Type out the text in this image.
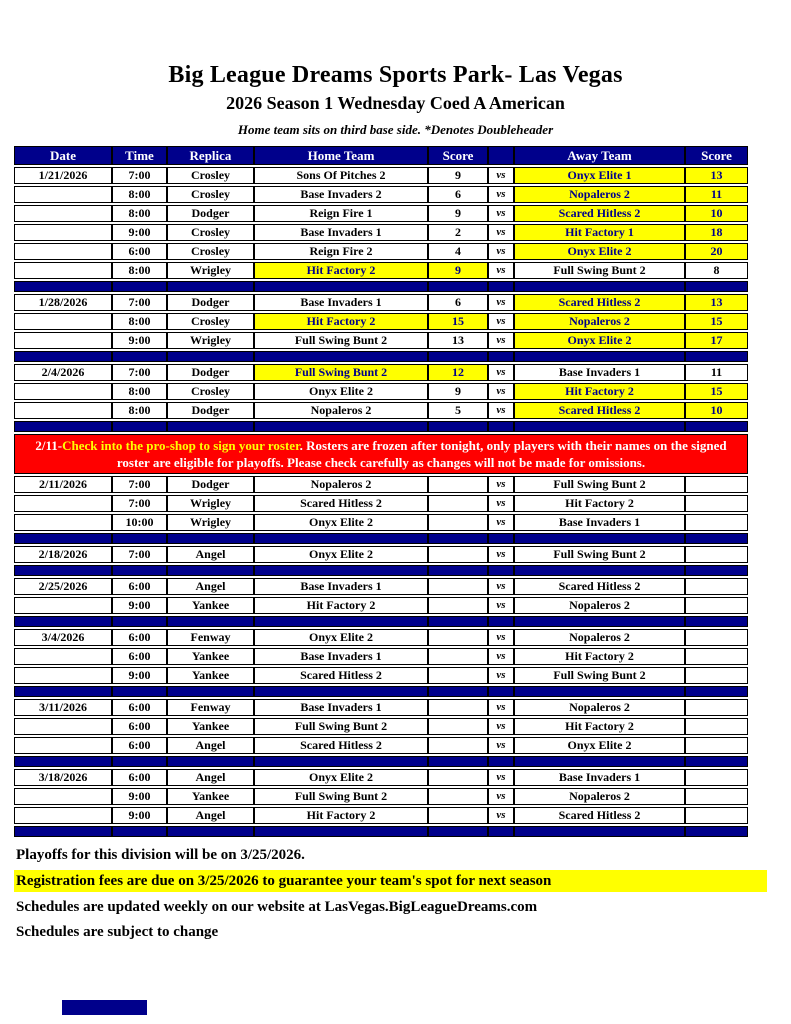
Big League Dreams Sports Park- Las Vegas
2026 Season 1 Wednesday Coed A American

Home team sits on third base side. *Denotes Doubleheader

Date	Time	Replica	Home Team	Score		Away Team	Score
1/21/2026	7:00	Crosley	Sons Of Pitches 2	9	vs	Onyx Elite 1	13
	8:00	Crosley	Base Invaders 2	6	vs	Nopaleros 2	11
	8:00	Dodger	Reign Fire 1	9	vs	Scared Hitless 2	10
	9:00	Crosley	Base Invaders 1	2	vs	Hit Factory 1	18
	6:00	Crosley	Reign Fire 2	4	vs	Onyx Elite 2	20
	8:00	Wrigley	Hit Factory 2	9	vs	Full Swing Bunt 2	8

1/28/2026	7:00	Dodger	Base Invaders 1	6	vs	Scared Hitless 2	13
	8:00	Crosley	Hit Factory 2	15	vs	Nopaleros 2	15
	9:00	Wrigley	Full Swing Bunt 2	13	vs	Onyx Elite 2	17

2/4/2026	7:00	Dodger	Full Swing Bunt 2	12	vs	Base Invaders 1	11
	8:00	Crosley	Onyx Elite 2	9	vs	Hit Factory 2	15
	8:00	Dodger	Nopaleros 2	5	vs	Scared Hitless 2	10

2/11-Check into the pro-shop to sign your roster. Rosters are frozen after tonight, only players with their names on the signed roster are eligible for playoffs. Please check carefully as changes will not be made for omissions.							
2/11/2026	7:00	Dodger	Nopaleros 2		vs	Full Swing Bunt 2	
	7:00	Wrigley	Scared Hitless 2		vs	Hit Factory 2	
	10:00	Wrigley	Onyx Elite 2		vs	Base Invaders 1	

2/18/2026	7:00	Angel	Onyx Elite 2		vs	Full Swing Bunt 2	

2/25/2026	6:00	Angel	Base Invaders 1		vs	Scared Hitless 2	
	9:00	Yankee	Hit Factory 2		vs	Nopaleros 2	

3/4/2026	6:00	Fenway	Onyx Elite 2		vs	Nopaleros 2	
	6:00	Yankee	Base Invaders 1		vs	Hit Factory 2	
	9:00	Yankee	Scared Hitless 2		vs	Full Swing Bunt 2	

3/11/2026	6:00	Fenway	Base Invaders 1		vs	Nopaleros 2	
	6:00	Yankee	Full Swing Bunt 2		vs	Hit Factory 2	
	6:00	Angel	Scared Hitless 2		vs	Onyx Elite 2	

3/18/2026	6:00	Angel	Onyx Elite 2		vs	Base Invaders 1	
	9:00	Yankee	Full Swing Bunt 2		vs	Nopaleros 2	
	9:00	Angel	Hit Factory 2		vs	Scared Hitless 2	

Playoffs for this division will be on 3/25/2026.

Registration fees are due on 3/25/2026 to guarantee your team's spot for next season

Schedules are updated weekly on our website at LasVegas.BigLeagueDreams.com

Schedules are subject to change
